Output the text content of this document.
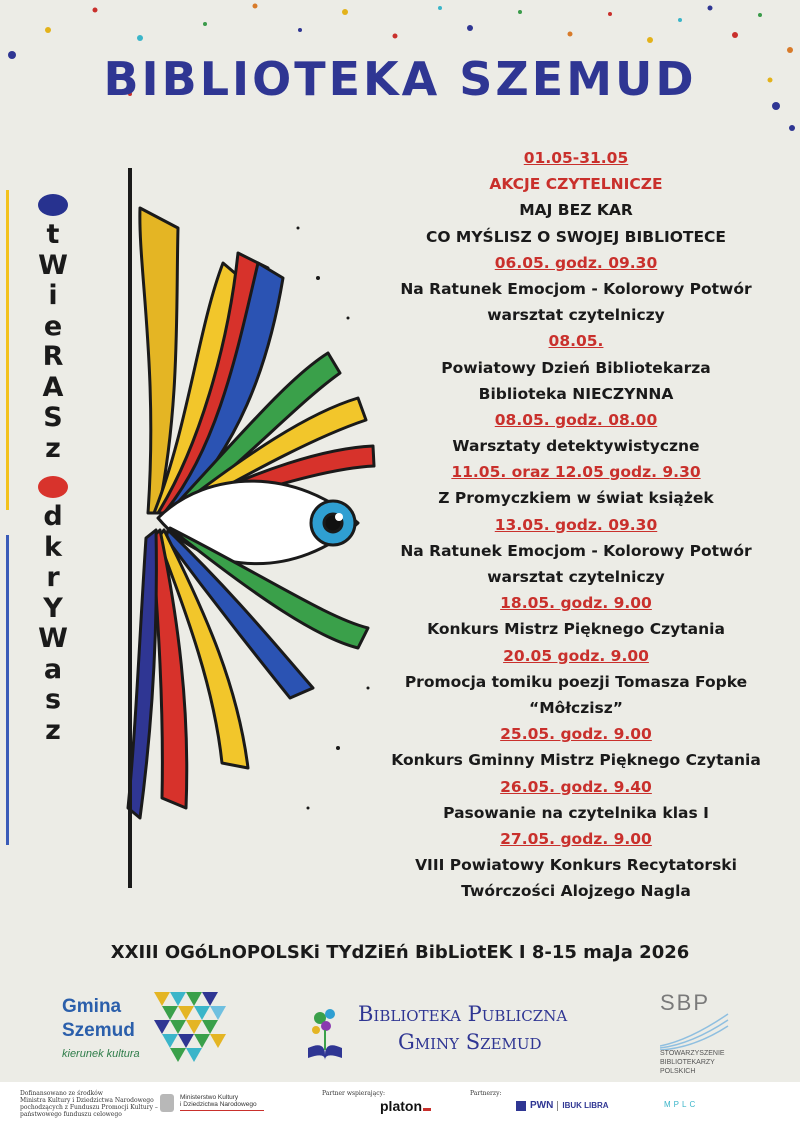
BIBLIOTEKA SZEMUD
t
W
i
e
R
A
S
z
d
k
r
Y
W
a
s
z
01.05-31.05
AKCJE CZYTELNICZE
MAJ BEZ KAR
CO MYŚLISZ O SWOJEJ BIBLIOTECE
06.05. godz. 09.30
Na Ratunek Emocjom - Kolorowy Potwór
warsztat czytelniczy
08.05.
Powiatowy Dzień Bibliotekarza
Biblioteka NIECZYNNA
08.05. godz. 08.00
Warsztaty detektywistyczne
11.05. oraz 12.05 godz. 9.30
Z Promyczkiem w świat książek
13.05. godz. 09.30
Na Ratunek Emocjom - Kolorowy Potwór
warsztat czytelniczy
18.05. godz. 9.00
Konkurs Mistrz Pięknego Czytania
20.05 godz. 9.00
Promocja tomiku poezji Tomasza Fopke
“Môłczisz”
25.05. godz. 9.00
Konkurs Gminny Mistrz Pięknego Czytania
26.05. godz. 9.40
Pasowanie na czytelnika klas I
27.05. godz. 9.00
VIII Powiatowy Konkurs Recytatorski
Twórczości Alojzego Nagla
XXIII OGóLnOPOLSKi TYdZiEń BibLiotEK I 8-15 maJa 2026
Gmina
Szemud
kierunek kultura
Biblioteka Publiczna
Gminy Szemud
SBP
STOWARZYSZENIE
BIBLIOTEKARZY
POLSKICH
Dofinansowano ze środków
Ministra Kultury i Dziedzictwa Narodowego
pochodzących z Funduszu Promocji Kultury –
państwowego funduszu celowego
Ministerstwo Kultury
i Dziedzictwa Narodowego
Partner wspierający:
platon
Partnerzy:
PWN IBUK LIBRA	MPLC
